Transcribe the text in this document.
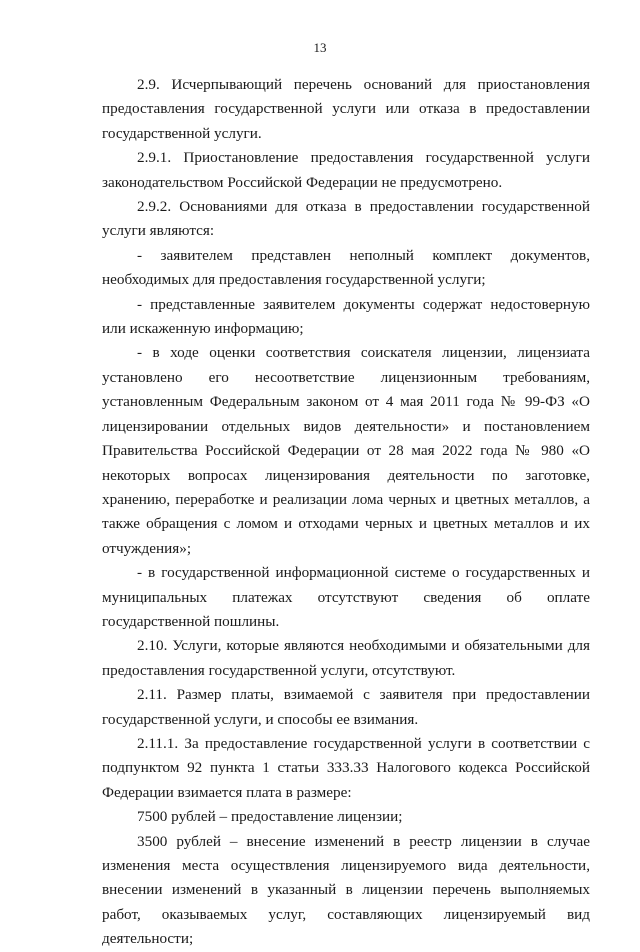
13

2.9. Исчерпывающий перечень оснований для приостановления предоставления государственной услуги или отказа в предоставлении государственной услуги.

2.9.1. Приостановление предоставления государственной услуги законодательством Российской Федерации не предусмотрено.

2.9.2. Основаниями для отказа в предоставлении государственной услуги являются:

- заявителем представлен неполный комплект документов, необходимых для предоставления государственной услуги;

- представленные заявителем документы содержат недостоверную или искаженную информацию;

- в ходе оценки соответствия соискателя лицензии, лицензиата установлено его несоответствие лицензионным требованиям, установленным Федеральным законом от 4 мая 2011 года № 99-ФЗ «О лицензировании отдельных видов деятельности» и постановлением Правительства Российской Федерации от 28 мая 2022 года № 980 «О некоторых вопросах лицензирования деятельности по заготовке, хранению, переработке и реализации лома черных и цветных металлов, а также обращения с ломом и отходами черных и цветных металлов и их отчуждения»;

- в государственной информационной системе о государственных и муниципальных платежах отсутствуют сведения об оплате государственной пошлины.

2.10. Услуги, которые являются необходимыми и обязательными для предоставления государственной услуги, отсутствуют.

2.11. Размер платы, взимаемой с заявителя при предоставлении государственной услуги, и способы ее взимания.

2.11.1. За предоставление государственной услуги в соответствии с подпунктом 92 пункта 1 статьи 333.33 Налогового кодекса Российской Федерации взимается плата в размере:

7500 рублей – предоставление лицензии;

3500 рублей – внесение изменений в реестр лицензии в случае изменения места осуществления лицензируемого вида деятельности, внесении изменений в указанный в лицензии перечень выполняемых работ, оказываемых услуг, составляющих лицензируемый вид деятельности;
